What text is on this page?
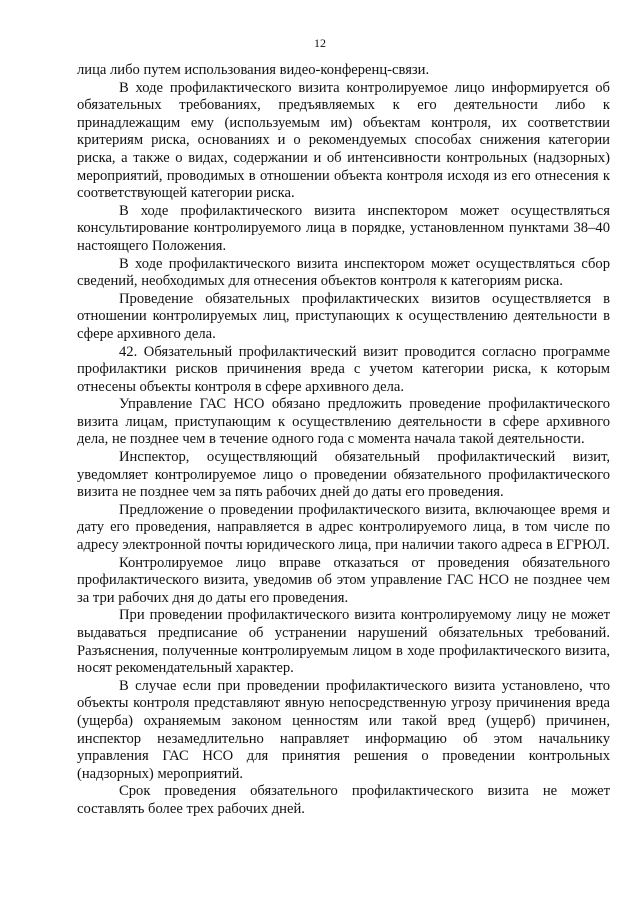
12

лица либо путем использования видео-конференц-связи.

В ходе профилактического визита контролируемое лицо информируется об обязательных требованиях, предъявляемых к его деятельности либо к принадлежащим ему (используемым им) объектам контроля, их соответствии критериям риска, основаниях и о рекомендуемых способах снижения категории риска, а также о видах, содержании и об интенсивности контрольных (надзорных) мероприятий, проводимых в отношении объекта контроля исходя из его отнесения к соответствующей категории риска.

В ходе профилактического визита инспектором может осуществляться консультирование контролируемого лица в порядке, установленном пунктами 38–40 настоящего Положения.

В ходе профилактического визита инспектором может осуществляться сбор сведений, необходимых для отнесения объектов контроля к категориям риска.

Проведение обязательных профилактических визитов осуществляется в отношении контролируемых лиц, приступающих к осуществлению деятельности в сфере архивного дела.

42. Обязательный профилактический визит проводится согласно программе профилактики рисков причинения вреда с учетом категории риска, к которым отнесены объекты контроля в сфере архивного дела.

Управление ГАС НСО обязано предложить проведение профилактического визита лицам, приступающим к осуществлению деятельности в сфере архивного дела, не позднее чем в течение одного года с момента начала такой деятельности.

Инспектор, осуществляющий обязательный профилактический визит, уведомляет контролируемое лицо о проведении обязательного профилактического визита не позднее чем за пять рабочих дней до даты его проведения.

Предложение о проведении профилактического визита, включающее время и дату его проведения, направляется в адрес контролируемого лица, в том числе по адресу электронной почты юридического лица, при наличии такого адреса в ЕГРЮЛ.

Контролируемое лицо вправе отказаться от проведения обязательного профилактического визита, уведомив об этом управление ГАС НСО не позднее чем за три рабочих дня до даты его проведения.

При проведении профилактического визита контролируемому лицу не может выдаваться предписание об устранении нарушений обязательных требований. Разъяснения, полученные контролируемым лицом в ходе профилактического визита, носят рекомендательный характер.

В случае если при проведении профилактического визита установлено, что объекты контроля представляют явную непосредственную угрозу причинения вреда (ущерба) охраняемым законом ценностям или такой вред (ущерб) причинен, инспектор незамедлительно направляет информацию об этом начальнику управления ГАС НСО для принятия решения о проведении контрольных (надзорных) мероприятий.

Срок проведения обязательного профилактического визита не может составлять более трех рабочих дней.
